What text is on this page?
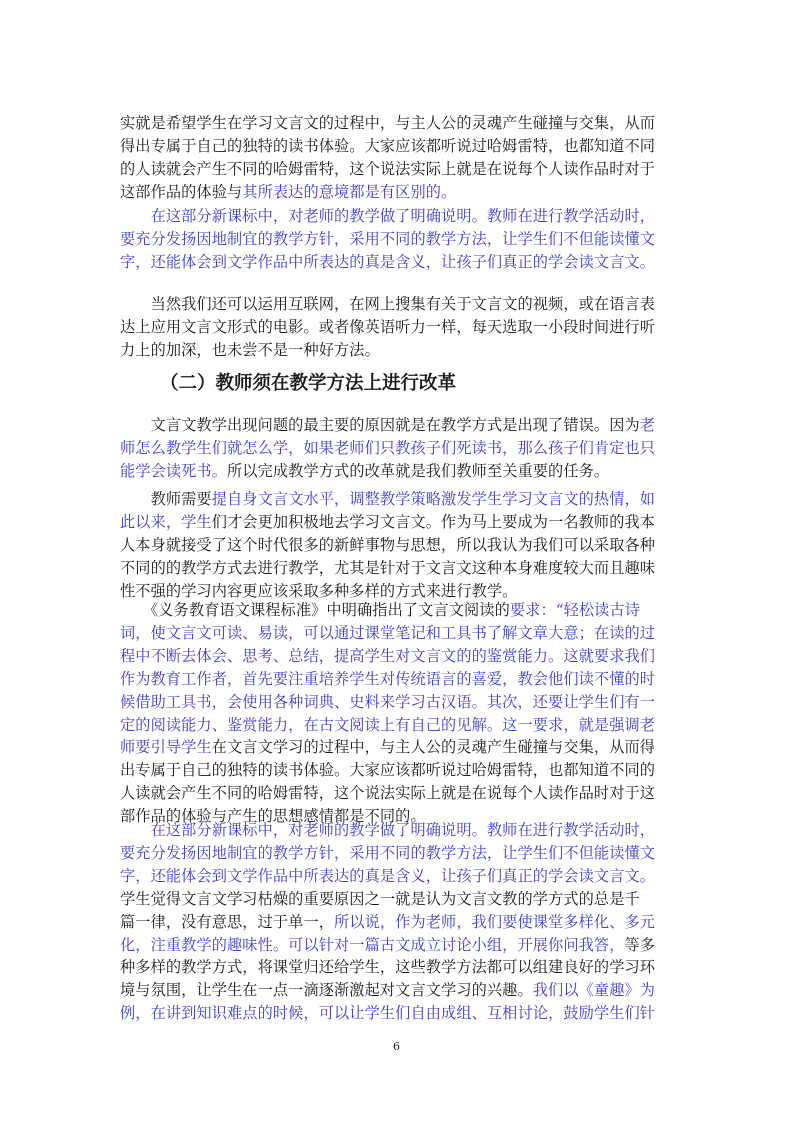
实就是希望学生在学习文言文的过程中，与主人公的灵魂产生碰撞与交集，从而
得出专属于自己的独特的读书体验。大家应该都听说过哈姆雷特，也都知道不同
的人读就会产生不同的哈姆雷特，这个说法实际上就是在说每个人读作品时对于
这部作品的体验与其所表达的意境都是有区别的。
　　在这部分新课标中，对老师的教学做了明确说明。教师在进行教学活动时，
要充分发扬因地制宜的教学方针，采用不同的教学方法，让学生们不但能读懂文
字，还能体会到文学作品中所表达的真是含义，让孩子们真正的学会读文言文。
　　当然我们还可以运用互联网，在网上搜集有关于文言文的视频，或在语言表
达上应用文言文形式的电影。或者像英语听力一样，每天选取一小段时间进行听
力上的加深，也未尝不是一种好方法。
（二）教师须在教学方法上进行改革
　　文言文教学出现问题的最主要的原因就是在教学方式是出现了错误。因为老
师怎么教学生们就怎么学，如果老师们只教孩子们死读书，那么孩子们肯定也只
能学会读死书。所以完成教学方式的改革就是我们教师至关重要的任务。
　　教师需要提自身文言文水平，调整教学策略激发学生学习文言文的热情，如
此以来，学生们才会更加积极地去学习文言文。作为马上要成为一名教师的我本
人本身就接受了这个时代很多的新鲜事物与思想，所以我认为我们可以采取各种
不同的的教学方式去进行教学，尤其是针对于文言文这种本身难度较大而且趣味
性不强的学习内容更应该采取多种多样的方式来进行教学。
　　《义务教育语文课程标准》中明确指出了文言文阅读的要求：“轻松读古诗
词，使文言文可读、易读，可以通过课堂笔记和工具书了解文章大意；在读的过
程中不断去体会、思考、总结，提高学生对文言文的的鉴赏能力。这就要求我们
作为教育工作者，首先要注重培养学生对传统语言的喜爱，教会他们读不懂的时
候借助工具书，会使用各种词典、史料来学习古汉语。其次，还要让学生们有一
定的阅读能力、鉴赏能力，在古文阅读上有自己的见解。这一要求，就是强调老
师要引导学生在文言文学习的过程中，与主人公的灵魂产生碰撞与交集，从而得
出专属于自己的独特的读书体验。大家应该都听说过哈姆雷特，也都知道不同的
人读就会产生不同的哈姆雷特，这个说法实际上就是在说每个人读作品时对于这
部作品的体验与产生的思想感情都是不同的。
　　在这部分新课标中，对老师的教学做了明确说明。教师在进行教学活动时，
要充分发扬因地制宜的教学方针，采用不同的教学方法，让学生们不但能读懂文
字，还能体会到文学作品中所表达的真是含义，让孩子们真正的学会读文言文。
学生觉得文言文学习枯燥的重要原因之一就是认为文言文教的学方式的总是千
篇一律，没有意思，过于单一，所以说，作为老师，我们要使课堂多样化、多元
化，注重教学的趣味性。可以针对一篇古文成立讨论小组，开展你问我答，等多
种多样的教学方式，将课堂归还给学生，这些教学方法都可以组建良好的学习环
境与氛围，让学生在一点一滴逐渐激起对文言文学习的兴趣。我们以《童趣》为
例，在讲到知识难点的时候，可以让学生们自由成组、互相讨论，鼓励学生们针
6
